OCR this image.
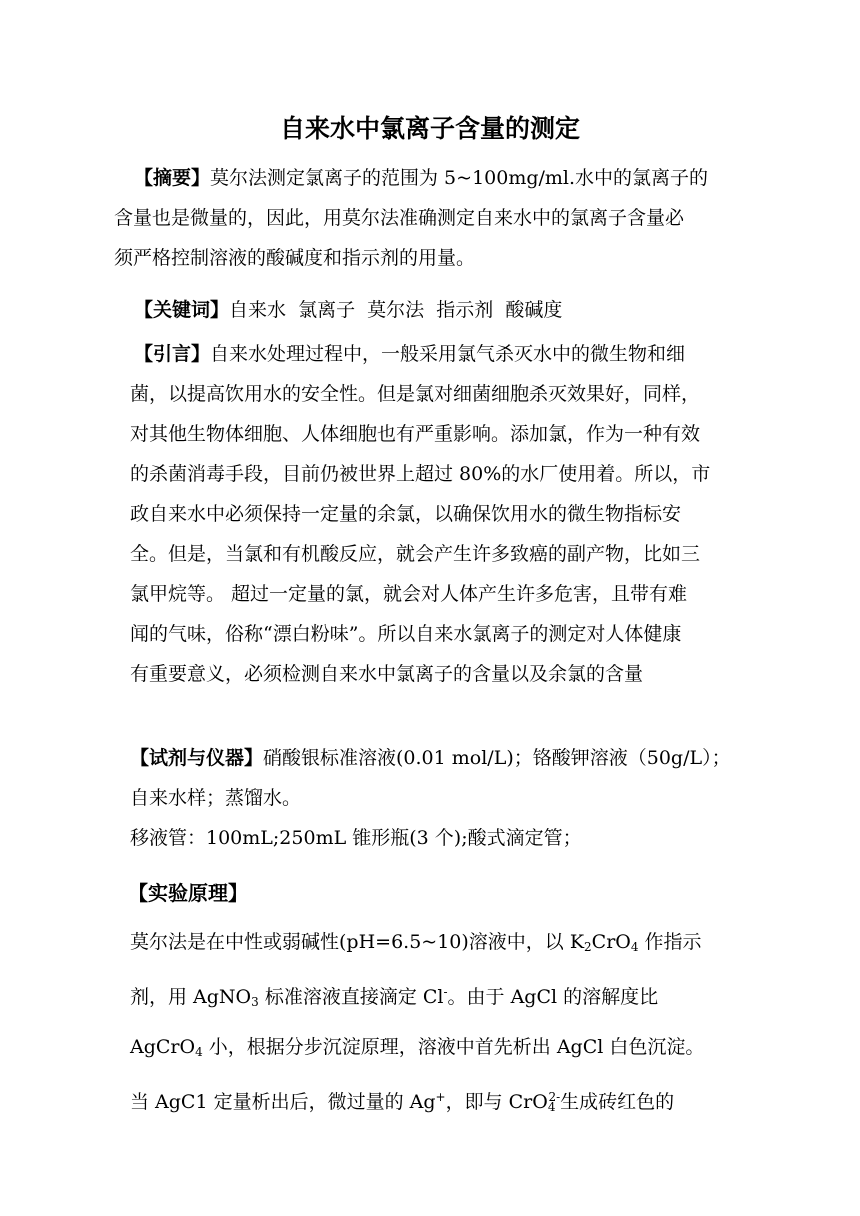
自来水中氯离子含量的测定
【摘要】莫尔法测定氯离子的范围为 5~100mg/ml.水中的氯离子的
含量也是微量的，因此，用莫尔法准确测定自来水中的氯离子含量必
须严格控制溶液的酸碱度和指示剂的用量。
【关键词】自来水  氯离子  莫尔法  指示剂  酸碱度
【引言】自来水处理过程中，一般采用氯气杀灭水中的微生物和细
菌，以提高饮用水的安全性。但是氯对细菌细胞杀灭效果好，同样，
对其他生物体细胞、人体细胞也有严重影响。添加氯，作为一种有效
的杀菌消毒手段，目前仍被世界上超过 80%的水厂使用着。所以，市
政自来水中必须保持一定量的余氯，以确保饮用水的微生物指标安
全。但是，当氯和有机酸反应，就会产生许多致癌的副产物，比如三
氯甲烷等。 超过一定量的氯，就会对人体产生许多危害，且带有难
闻的气味，俗称“漂白粉味”。所以自来水氯离子的测定对人体健康
有重要意义，必须检测自来水中氯离子的含量以及余氯的含量
【试剂与仪器】硝酸银标准溶液(0.01 mol/L)；铬酸钾溶液（50g/L）；
自来水样；蒸馏水。
移液管：100mL;250mL 锥形瓶(3 个);酸式滴定管；
【实验原理】
莫尔法是在中性或弱碱性(pH=6.5~10)溶液中，以 $K_2CrO_4$ 作指示
剂，用 AgNO$_3$ 标准溶液直接滴定 Cl-。由于 AgCl 的溶解度比
AgCrO$_4$ 小，根据分步沉淀原理，溶液中首先析出 AgCl 白色沉淀。
当 AgC1 定量析出后，微过量的 Ag+，即与 CrO$_4^{2-}$生成砖红色的
